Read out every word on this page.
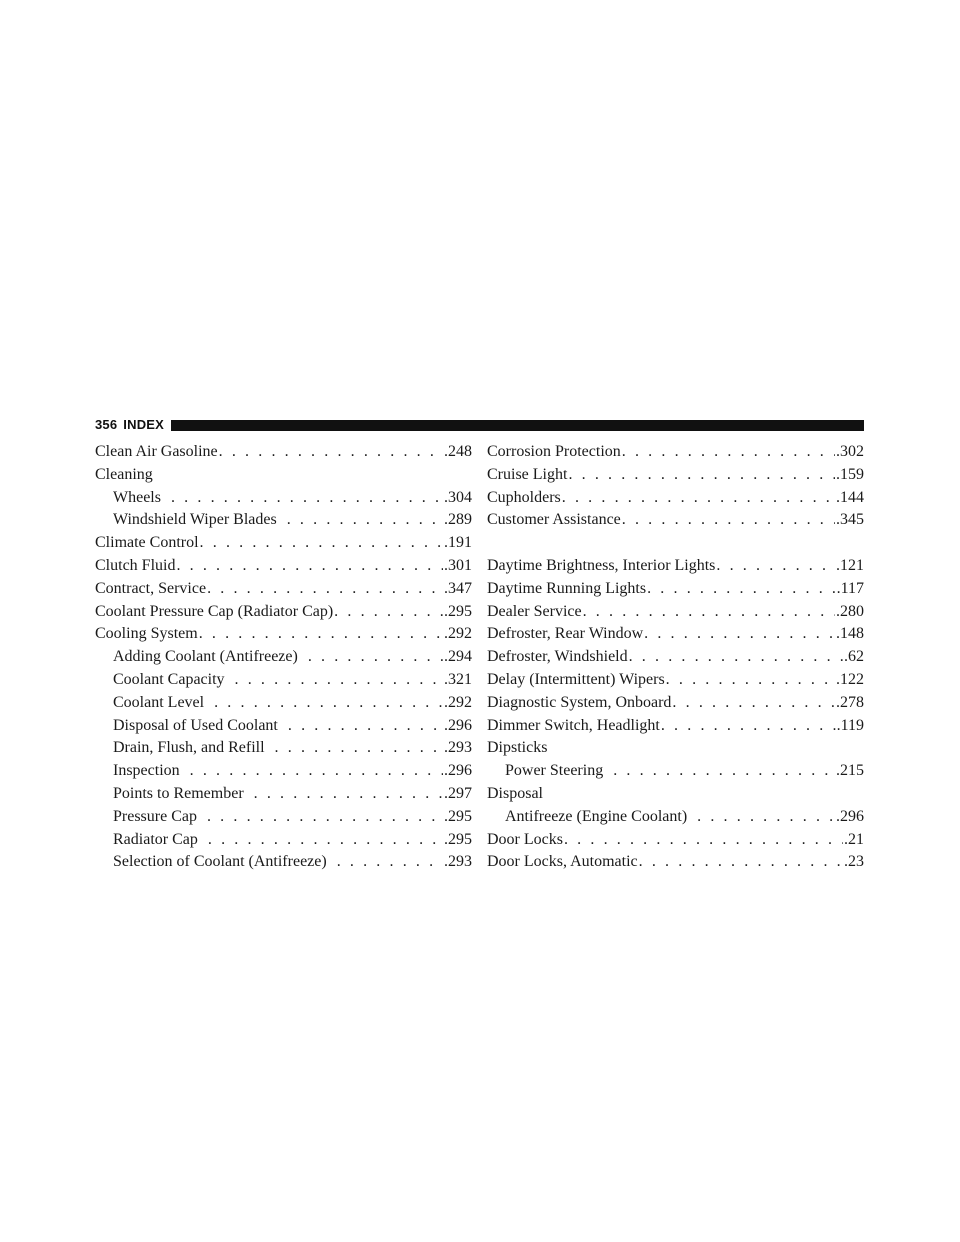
356 INDEX
Clean Air Gasoline . . .	. 248
Cleaning
Wheels . . .	. 304
Windshield Wiper Blades . . .	. 289
Climate Control . . .	. 191
Clutch Fluid . . .	. 301
Contract, Service . . .	. 347
Coolant Pressure Cap (Radiator Cap) . . .	. 295
Cooling System . . .	. 292
Adding Coolant (Antifreeze) . . .	. 294
Coolant Capacity . . .	. 321
Coolant Level . . .	. 292
Disposal of Used Coolant . . .	. 296
Drain, Flush, and Refill . . .	. 293
Inspection . . .	. 296
Points to Remember . . .	. 297
Pressure Cap . . .	. 295
Radiator Cap . . .	. 295
Selection of Coolant (Antifreeze) . . .	. 293
Corrosion Protection . . .	. 302
Cruise Light . . .	. 159
Cupholders . . .	. 144
Customer Assistance . . .	. 345
Daytime Brightness, Interior Lights . . .	. 121
Daytime Running Lights . . .	. 117
Dealer Service . . .	. 280
Defroster, Rear Window . . .	. 148
Defroster, Windshield . . .	. 62
Delay (Intermittent) Wipers . . .	. 122
Diagnostic System, Onboard . . .	. 278
Dimmer Switch, Headlight . . .	. 119
Dipsticks
Power Steering . . .	. 215
Disposal
Antifreeze (Engine Coolant) . . .	. 296
Door Locks . . .	. 21
Door Locks, Automatic . . .	. 23
